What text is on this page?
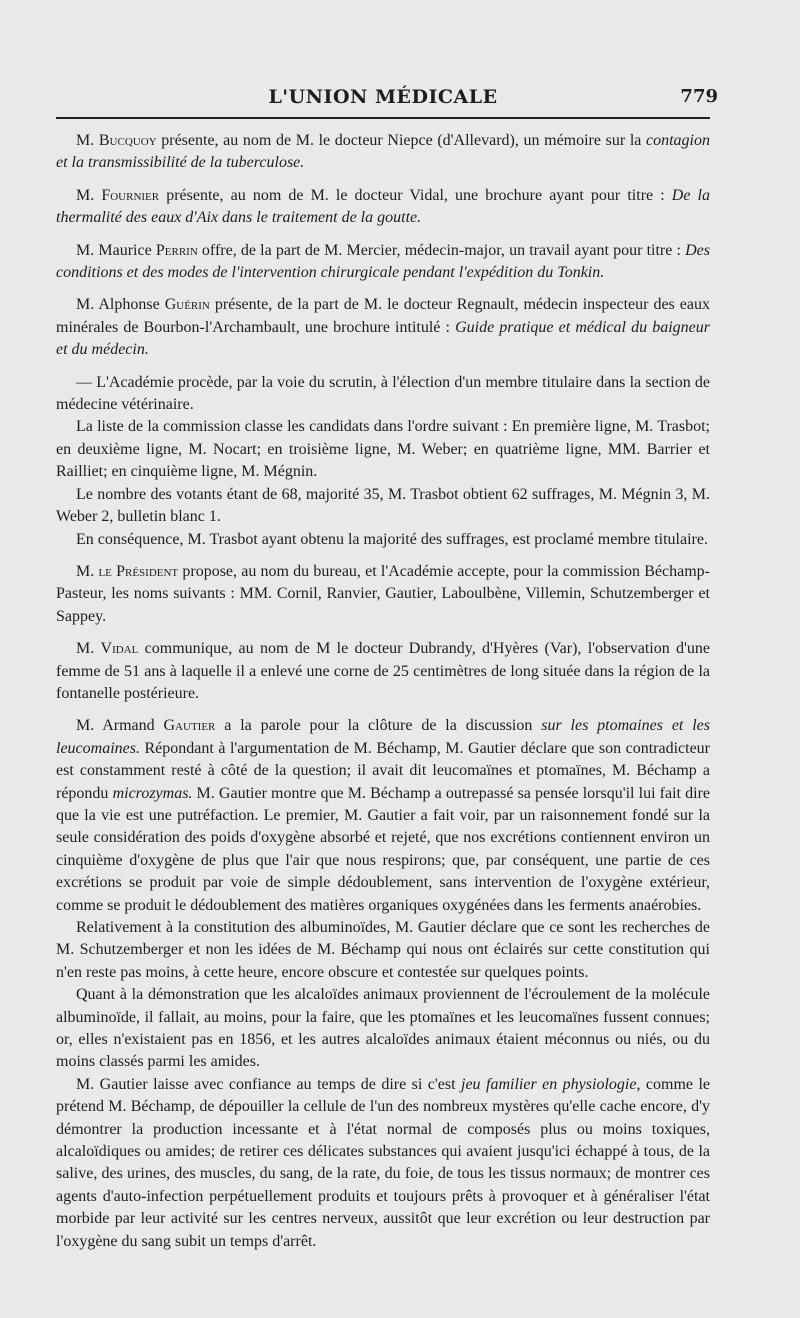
L'UNION MÉDICALE	779

M. Bucquoy présente, au nom de M. le docteur Niepce (d'Allevard), un mémoire sur la contagion et la transmissibilité de la tuberculose.

M. Fournier présente, au nom de M. le docteur Vidal, une brochure ayant pour titre : De la thermalité des eaux d'Aix dans le traitement de la goutte.

M. Maurice Perrin offre, de la part de M. Mercier, médecin-major, un travail ayant pour titre : Des conditions et des modes de l'intervention chirurgicale pendant l'expédition du Tonkin.

M. Alphonse Guérin présente, de la part de M. le docteur Regnault, médecin inspecteur des eaux minérales de Bourbon-l'Archambault, une brochure intitulé : Guide pratique et médical du baigneur et du médecin.

— L'Académie procède, par la voie du scrutin, à l'élection d'un membre titulaire dans la section de médecine vétérinaire.

La liste de la commission classe les candidats dans l'ordre suivant : En première ligne, M. Trasbot; en deuxième ligne, M. Nocart; en troisième ligne, M. Weber; en quatrième ligne, MM. Barrier et Railliet; en cinquième ligne, M. Mégnin.

Le nombre des votants étant de 68, majorité 35, M. Trasbot obtient 62 suffrages, M. Mégnin 3, M. Weber 2, bulletin blanc 1.

En conséquence, M. Trasbot ayant obtenu la majorité des suffrages, est proclamé membre titulaire.

M. le Président propose, au nom du bureau, et l'Académie accepte, pour la commission Béchamp-Pasteur, les noms suivants : MM. Cornil, Ranvier, Gautier, Laboulbène, Villemin, Schutzemberger et Sappey.

M. Vidal communique, au nom de M le docteur Dubrandy, d'Hyères (Var), l'observation d'une femme de 51 ans à laquelle il a enlevé une corne de 25 centimètres de long située dans la région de la fontanelle postérieure.

M. Armand Gautier a la parole pour la clôture de la discussion sur les ptomaines et les leucomaines. Répondant à l'argumentation de M. Béchamp, M. Gautier déclare que son contradicteur est constamment resté à côté de la question; il avait dit leucomaïnes et ptomaïnes, M. Béchamp a répondu microzymas. M. Gautier montre que M. Béchamp a outrepassé sa pensée lorsqu'il lui fait dire que la vie est une putréfaction. Le premier, M. Gautier a fait voir, par un raisonnement fondé sur la seule considération des poids d'oxygène absorbé et rejeté, que nos excrétions contiennent environ un cinquième d'oxygène de plus que l'air que nous respirons; que, par conséquent, une partie de ces excrétions se produit par voie de simple dédoublement, sans intervention de l'oxygène extérieur, comme se produit le dédoublement des matières organiques oxygénées dans les ferments anaérobies.

Relativement à la constitution des albuminoïdes, M. Gautier déclare que ce sont les recherches de M. Schutzemberger et non les idées de M. Béchamp qui nous ont éclairés sur cette constitution qui n'en reste pas moins, à cette heure, encore obscure et contestée sur quelques points.

Quant à la démonstration que les alcaloïdes animaux proviennent de l'écroulement de la molécule albuminoïde, il fallait, au moins, pour la faire, que les ptomaïnes et les leucomaïnes fussent connues; or, elles n'existaient pas en 1856, et les autres alcaloïdes animaux étaient méconnus ou niés, ou du moins classés parmi les amides.

M. Gautier laisse avec confiance au temps de dire si c'est jeu familier en physiologie, comme le prétend M. Béchamp, de dépouiller la cellule de l'un des nombreux mystères qu'elle cache encore, d'y démontrer la production incessante et à l'état normal de composés plus ou moins toxiques, alcaloïdiques ou amides; de retirer ces délicates substances qui avaient jusqu'ici échappé à tous, de la salive, des urines, des muscles, du sang, de la rate, du foie, de tous les tissus normaux; de montrer ces agents d'auto-infection perpétuellement produits et toujours prêts à provoquer et à généraliser l'état morbide par leur activité sur les centres nerveux, aussitôt que leur excrétion ou leur destruction par l'oxygène du sang subit un temps d'arrêt.
